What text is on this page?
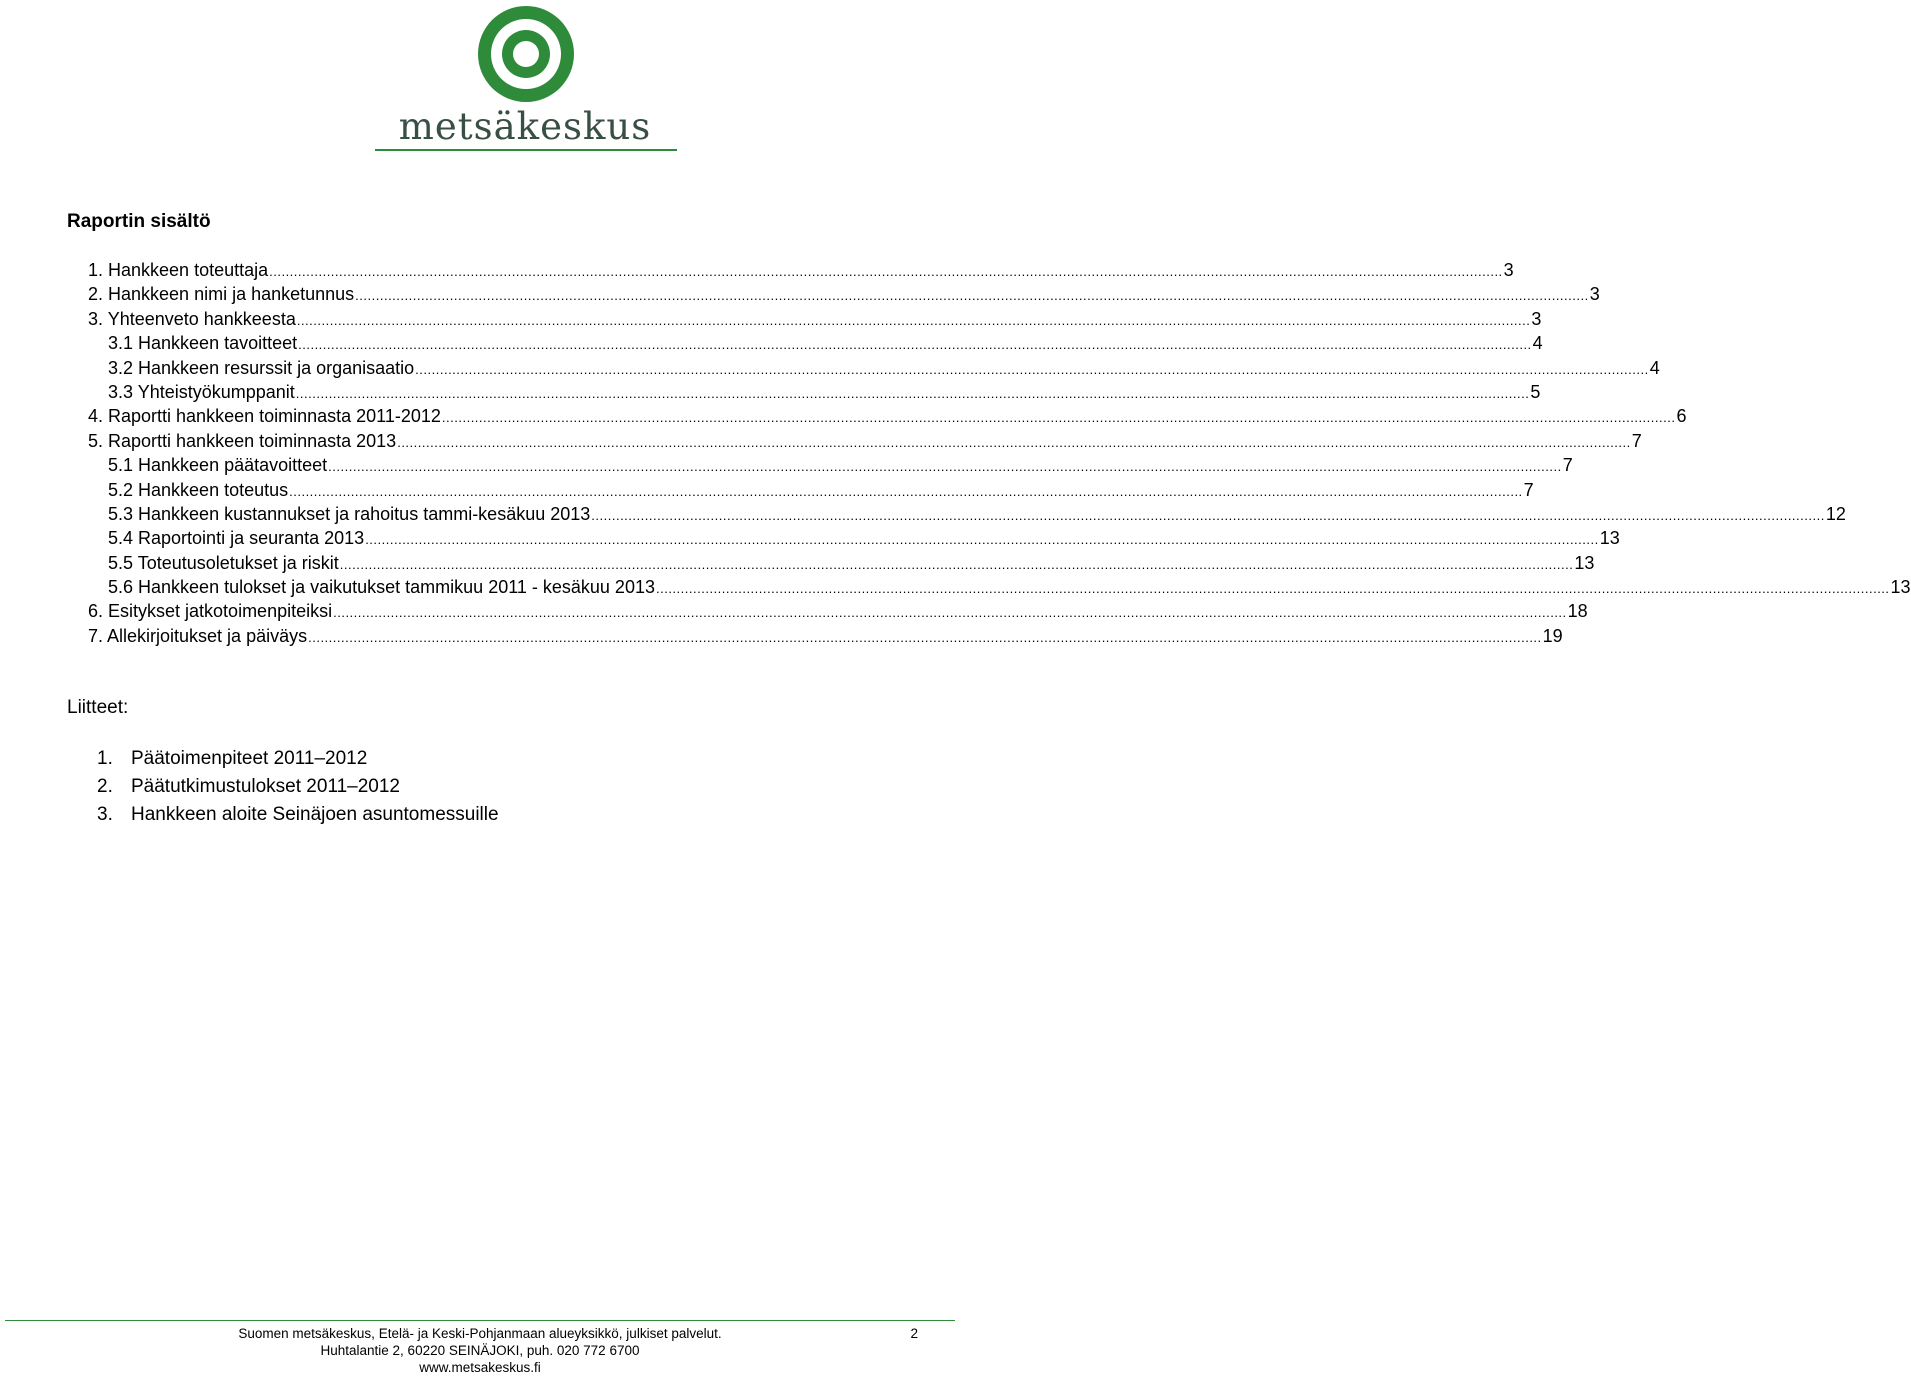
metsäkeskus
Raportin sisältö
1. Hankkeen toteuttaja ............................................................................................................................................................................................................................................................................................................ 3
2. Hankkeen nimi ja hanketunnus ............................................................................................................................................................................................................................................................................................................ 3
3. Yhteenveto hankkeesta ............................................................................................................................................................................................................................................................................................................ 3
3.1 Hankkeen tavoitteet ............................................................................................................................................................................................................................................................................................................ 4
3.2 Hankkeen resurssit ja organisaatio ............................................................................................................................................................................................................................................................................................................ 4
3.3 Yhteistyökumppanit ............................................................................................................................................................................................................................................................................................................ 5
4. Raportti hankkeen toiminnasta 2011-2012 ............................................................................................................................................................................................................................................................................................................ 6
5. Raportti hankkeen toiminnasta 2013 ............................................................................................................................................................................................................................................................................................................ 7
5.1 Hankkeen päätavoitteet ............................................................................................................................................................................................................................................................................................................ 7
5.2 Hankkeen toteutus ............................................................................................................................................................................................................................................................................................................ 7
5.3 Hankkeen kustannukset ja rahoitus tammi-kesäkuu 2013 ............................................................................................................................................................................................................................................................................................................ 12
5.4 Raportointi ja seuranta 2013 ............................................................................................................................................................................................................................................................................................................ 13
5.5 Toteutusoletukset ja riskit ............................................................................................................................................................................................................................................................................................................ 13
5.6 Hankkeen tulokset ja vaikutukset tammikuu 2011 - kesäkuu 2013 ............................................................................................................................................................................................................................................................................................................ 13
6. Esitykset jatkotoimenpiteiksi ............................................................................................................................................................................................................................................................................................................ 18
7. Allekirjoitukset ja päiväys ............................................................................................................................................................................................................................................................................................................ 19
Liitteet:
1. Päätoimenpiteet 2011–2012
2. Päätutkimustulokset 2011–2012
3. Hankkeen aloite Seinäjoen asuntomessuille
Suomen metsäkeskus, Etelä- ja Keski-Pohjanmaan alueyksikkö, julkiset palvelut.
Huhtalantie 2, 60220 SEINÄJOKI, puh. 020 772 6700
www.metsakeskus.fi
2
